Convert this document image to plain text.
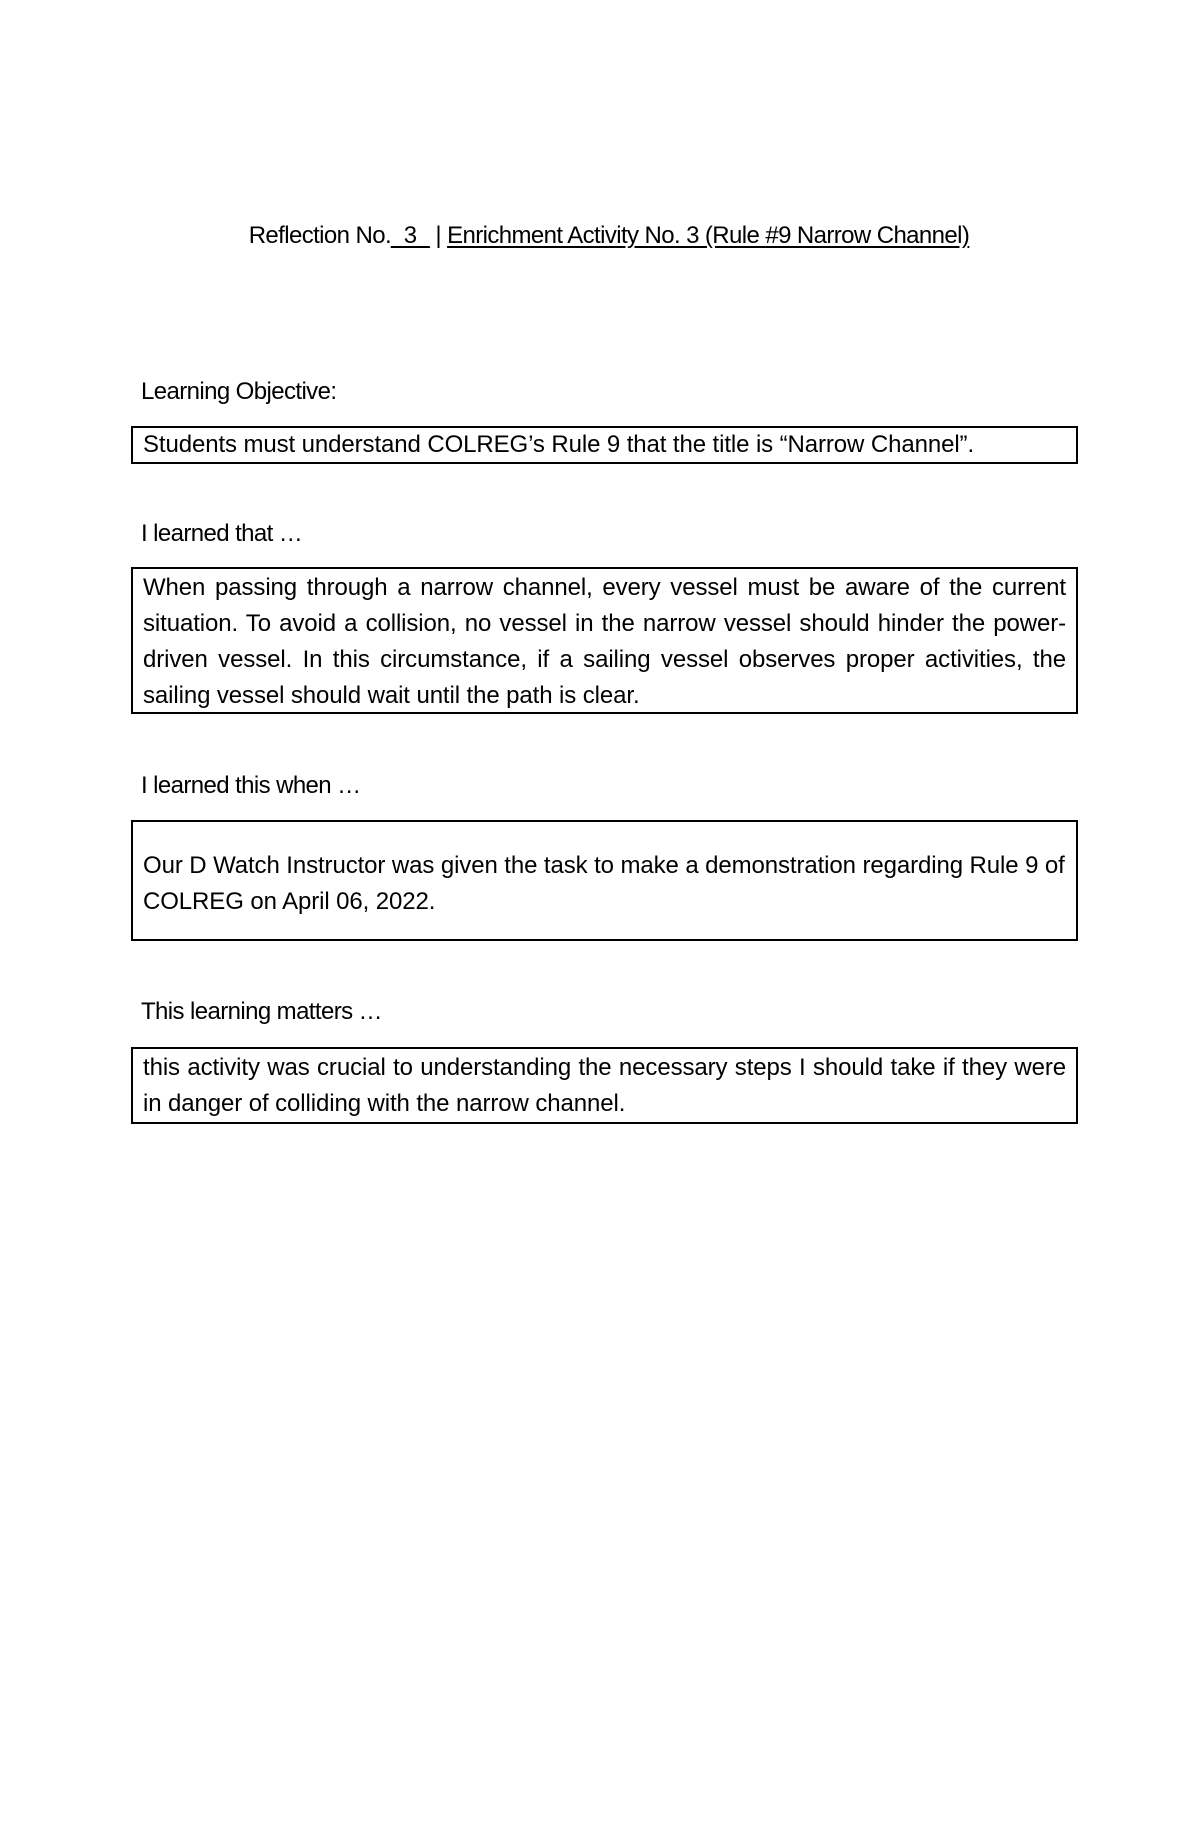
Reflection No._3_ | Enrichment Activity No. 3 (Rule #9 Narrow Channel)
Learning Objective:

Students must understand COLREG’s Rule 9 that the title is “Narrow Channel”.

I learned that …

When passing through a narrow channel, every vessel must be aware of the current situation. To avoid a collision, no vessel in the narrow vessel should hinder the power-driven vessel. In this circumstance, if a sailing vessel observes proper activities, the sailing vessel should wait until the path is clear.

I learned this when …

Our D Watch Instructor was given the task to make a demonstration regarding Rule 9 of COLREG on April 06, 2022.

This learning matters …

this activity was crucial to understanding the necessary steps I should take if they were in danger of colliding with the narrow channel.
